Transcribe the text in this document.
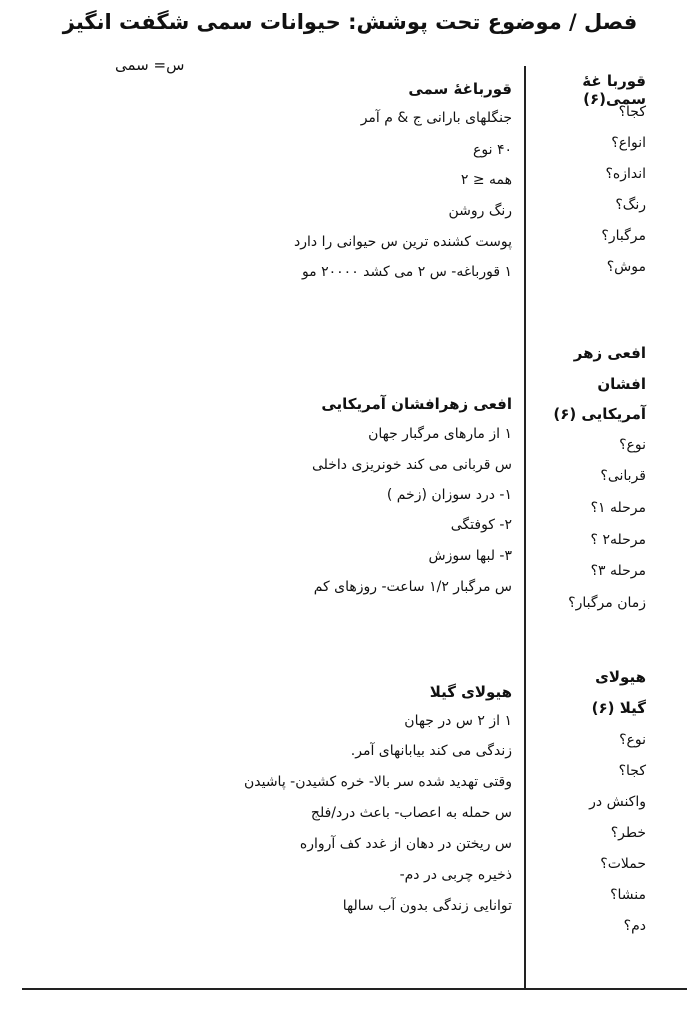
فصل / موضوع تحت پوشش: حیوانات سمی شگفت انگیز
س= سمی
قوربا غهٔ سمی(۶)
کجا؟
انواع؟
اندازه؟
رنگ؟
مرگبار؟
موش؟
قورباغهٔ سمی
جنگلهای بارانی ج & م آمر
۴۰ نوع
همه ≤ ۲
رنگ روشن
پوست کشنده ترین س حیوانی را دارد
۱ قورباغه- س ۲ می کشد ۲۰۰۰۰ مو
افعی زهر
افشان
آمریکایی (۶)
نوع؟
قربانی؟
مرحله ۱؟
مرحله۲ ؟
مرحله ۳؟
زمان مرگبار؟
افعی زهرافشان آمریکایی
۱ از مارهای مرگبار جهان
س قربانی می کند خونریزی داخلی
۱- درد سوزان (زخم )
۲- کوفتگی
۳- لبها سوزش
س مرگبار ۱/۲ ساعت- روزهای کم
هیولای
گیلا (۶)
نوع؟
کجا؟
واکنش در
خطر؟
حملات؟
منشا؟
دم؟
هیولای گیلا
۱ از ۲ س در جهان
زندگی می کند بیابانهای آمر.
وقتی تهدید شده سر بالا- خره کشیدن- پاشیدن
س حمله به اعصاب- باعث درد/فلج
س ریختن در دهان از غدد کف آرواره
ذخیره چربی در دم-
توانایی زندگی بدون آب سالها
